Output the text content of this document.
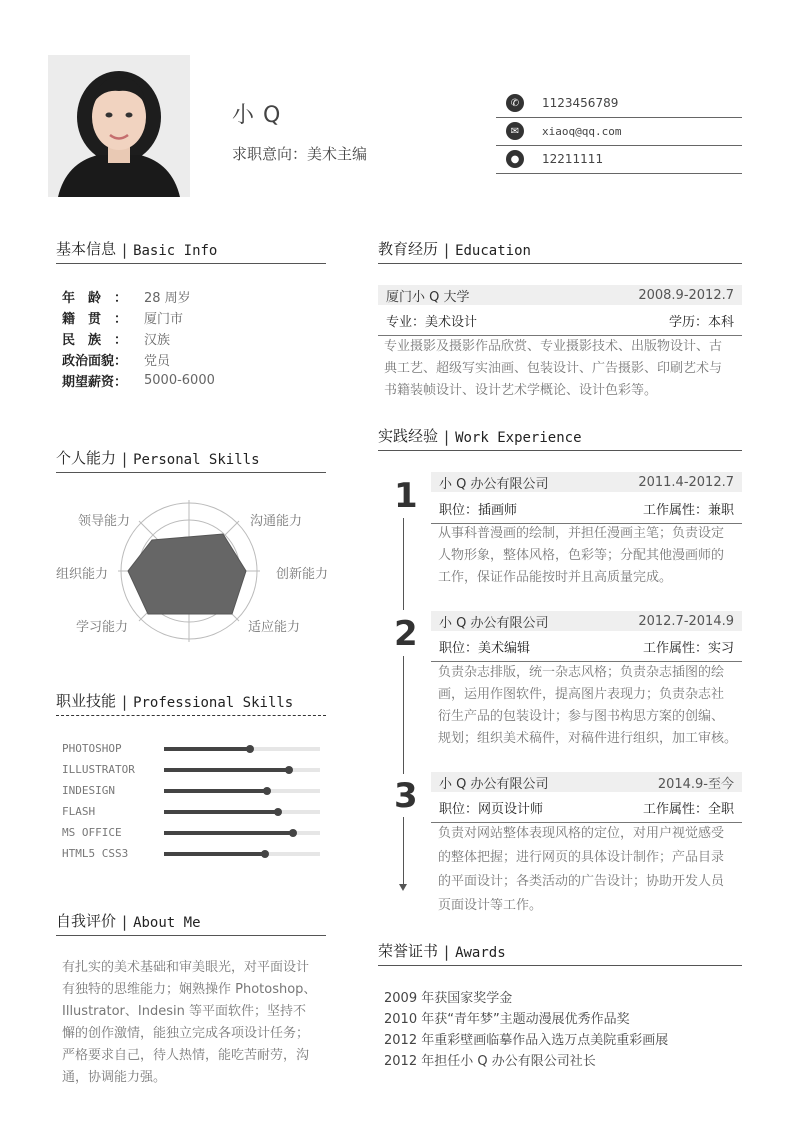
小 Q
求职意向：美术主编
✆	1123456789
✉	xiaoq@qq.com
●	12211111
基本信息 | Basic Info
年　龄　：	28 周岁
籍　贯　：	厦门市
民　族　：	汉族
政治面貌：	党员
期望薪资：	5000-6000
个人能力 | Personal Skills
领导能力	沟通能力
组织能力	创新能力
学习能力	适应能力
职业技能 | Professional Skills
PHOTOSHOP
ILLUSTRATOR
INDESIGN
FLASH
MS OFFICE
HTML5 CSS3
自我评价 | About Me
有扎实的美术基础和审美眼光，对平面设计
有独特的思维能力；娴熟操作 Photoshop、
Illustrator、Indesin 等平面软件；坚持不
懈的创作激情，能独立完成各项设计任务；
严格要求自己，待人热情，能吃苦耐劳，沟
通，协调能力强。
教育经历 | Education
厦门小 Q 大学	2008.9-2012.7
专业：美术设计	学历：本科
专业摄影及摄影作品欣赏、专业摄影技术、出版物设计、古
典工艺、超级写实油画、包装设计、广告摄影、印刷艺术与
书籍装帧设计、设计艺术学概论、设计色彩等。
实践经验 | Work Experience
1 小 Q 办公有限公司	2011.4-2012.7
职位：插画师	工作属性：兼职
从事科普漫画的绘制，并担任漫画主笔；负责设定
人物形象，整体风格，色彩等；分配其他漫画师的
工作，保证作品能按时并且高质量完成。
2 小 Q 办公有限公司	2012.7-2014.9
职位：美术编辑	工作属性：实习
负责杂志排版，统一杂志风格；负责杂志插图的绘
画，运用作图软件，提高图片表现力；负责杂志社
衍生产品的包装设计；参与图书构思方案的创编、
规划；组织美术稿件，对稿件进行组织，加工审核。
3 小 Q 办公有限公司	2014.9-至今
职位：网页设计师	工作属性：全职
负责对网站整体表现风格的定位，对用户视觉感受
的整体把握；进行网页的具体设计制作；产品目录
的平面设计；各类活动的广告设计；协助开发人员
页面设计等工作。
荣誉证书 | Awards
2009 年获国家奖学金
2010 年获“青年梦”主题动漫展优秀作品奖
2012 年重彩壁画临摹作品入选万点美院重彩画展
2012 年担任小 Q 办公有限公司社长
